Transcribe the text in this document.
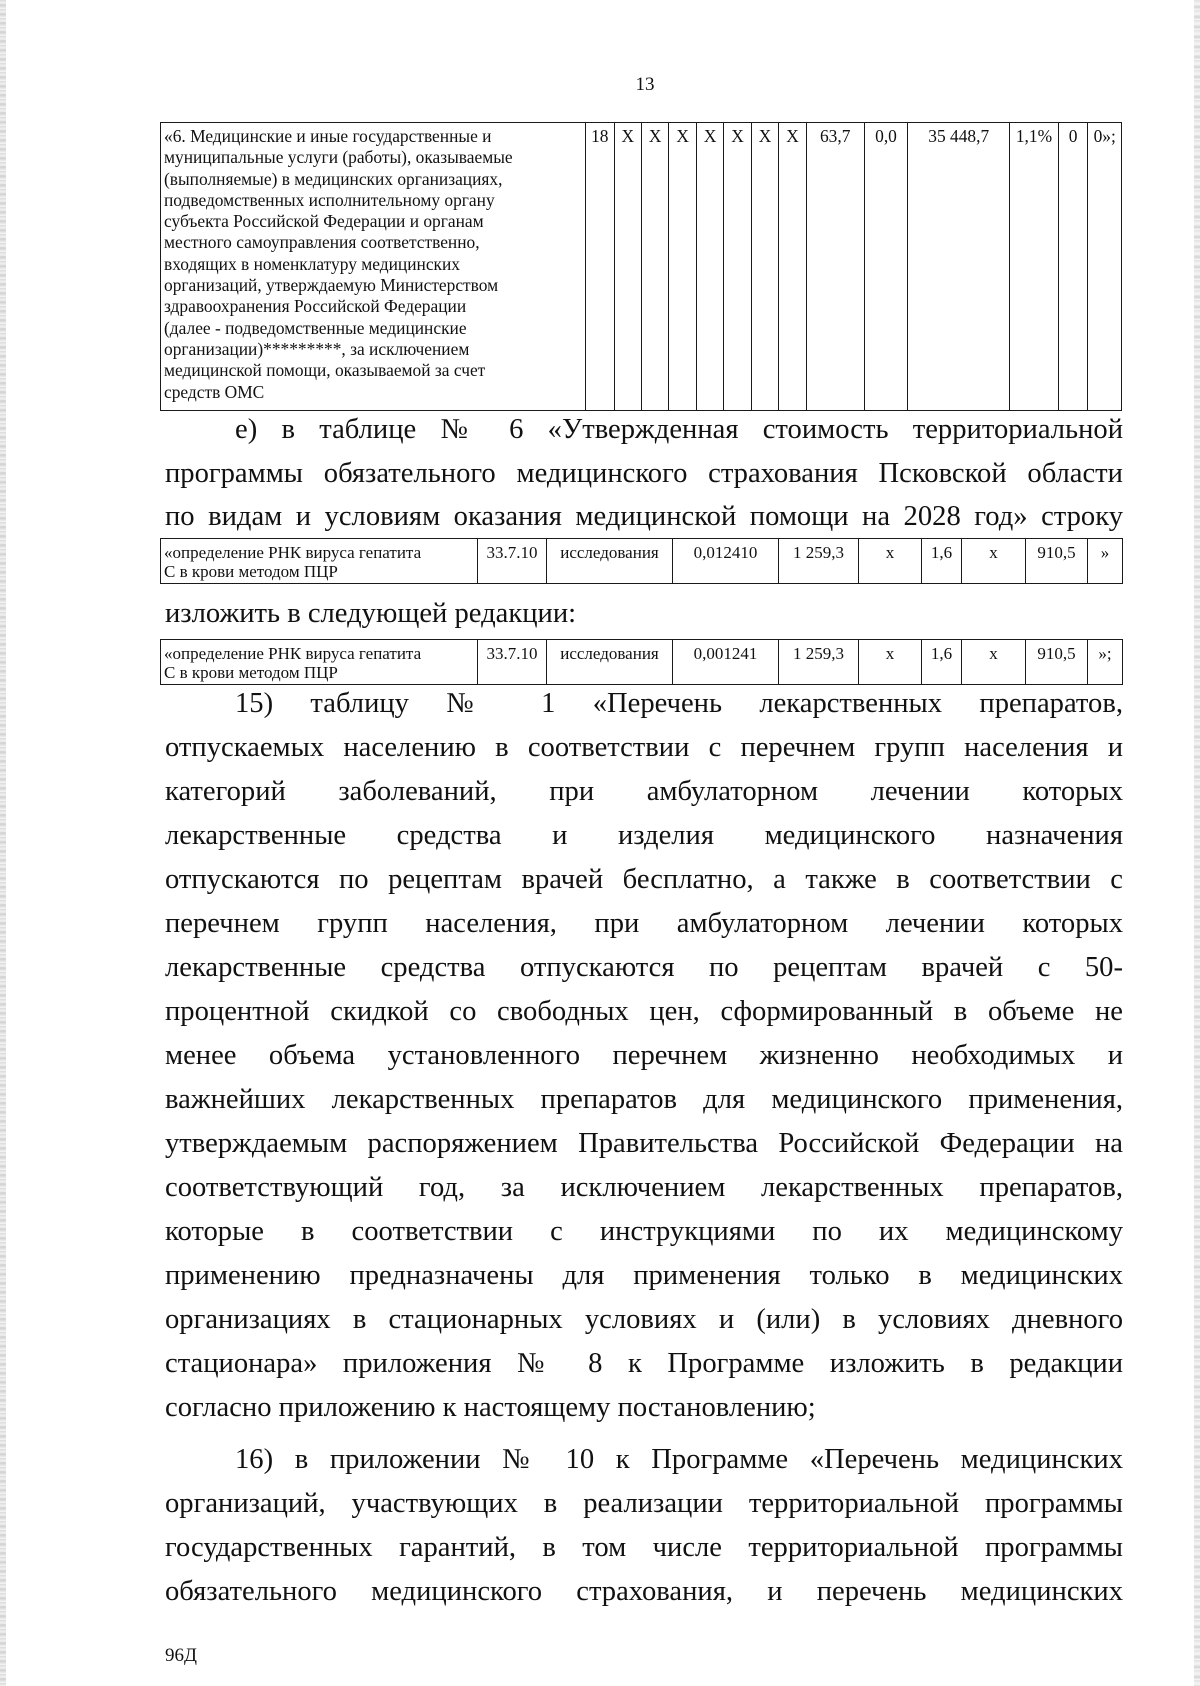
13
«6. Медицинские и иные государственные и
муниципальные услуги (работы), оказываемые
(выполняемые) в медицинских организациях,
подведомственных исполнительному органу
субъекта Российской Федерации и органам
местного самоуправления соответственно,
входящих в номенклатуру медицинских
организаций, утверждаемую Министерством
здравоохранения Российской Федерации
(далее - подведомственные медицинские
организации)*********, за исключением
медицинской помощи, оказываемой за счет
средств ОМС
	18	X	X	X	X	X	X	X	63,7	0,0	35 448,7	1,1%	0	0»;
е) в таблице № 6 «Утвержденная стоимость территориальной
программы обязательного медицинского страхования Псковской области
по видам и условиям оказания медицинской помощи на 2028 год» строку
«определение РНК вируса гепатита
С в крови методом ПЦР
	33.7.10	исследования	0,012410	1 259,3	х	1,6	х	910,5	»
изложить в следующей редакции:
«определение РНК вируса гепатита
С в крови методом ПЦР
	33.7.10	исследования	0,001241	1 259,3	х	1,6	х	910,5	»;
15) таблицу № 1 «Перечень лекарственных препаратов,
отпускаемых населению в соответствии с перечнем групп населения и
категорий заболеваний, при амбулаторном лечении которых
лекарственные средства и изделия медицинского назначения
отпускаются по рецептам врачей бесплатно, а также в соответствии с
перечнем групп населения, при амбулаторном лечении которых
лекарственные средства отпускаются по рецептам врачей с 50-
процентной скидкой со свободных цен, сформированный в объеме не
менее объема установленного перечнем жизненно необходимых и
важнейших лекарственных препаратов для медицинского применения,
утверждаемым распоряжением Правительства Российской Федерации на
соответствующий год, за исключением лекарственных препаратов,
которые в соответствии с инструкциями по их медицинскому
применению предназначены для применения только в медицинских
организациях в стационарных условиях и (или) в условиях дневного
стационара» приложения № 8 к Программе изложить в редакции
согласно приложению к настоящему постановлению;
16) в приложении № 10 к Программе «Перечень медицинских
организаций, участвующих в реализации территориальной программы
государственных гарантий, в том числе территориальной программы
обязательного медицинского страхования, и перечень медицинских
96Д
